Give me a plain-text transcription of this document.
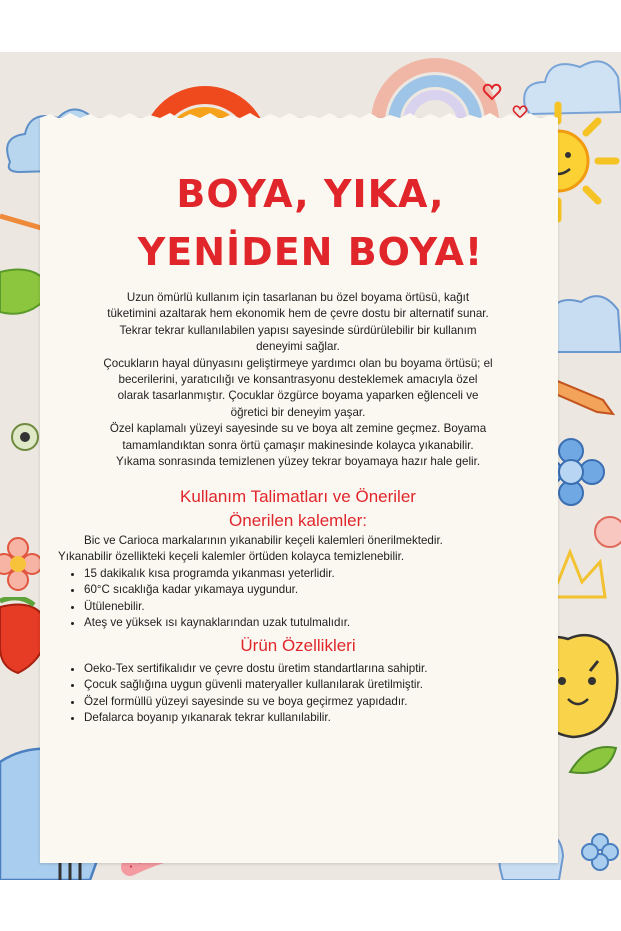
BOYA, YIKA,
YENİDEN BOYA!

Uzun ömürlü kullanım için tasarlanan bu özel boyama örtüsü, kağıt

tüketimini azaltarak hem ekonomik hem de çevre dostu bir alternatif sunar.

Tekrar tekrar kullanılabilen yapısı sayesinde sürdürülebilir bir kullanım

deneyimi sağlar.

Çocukların hayal dünyasını geliştirmeye yardımcı olan bu boyama örtüsü; el

becerilerini, yaratıcılığı ve konsantrasyonu desteklemek amacıyla özel

olarak tasarlanmıştır. Çocuklar özgürce boyama yaparken eğlenceli ve

öğretici bir deneyim yaşar.

Özel kaplamalı yüzeyi sayesinde su ve boya alt zemine geçmez. Boyama

tamamlandıktan sonra örtü çamaşır makinesinde kolayca yıkanabilir.

Yıkama sonrasında temizlenen yüzey tekrar boyamaya hazır hale gelir.

Kullanım Talimatları ve Öneriler
Önerilen kalemler:

Bic ve Carioca markalarının yıkanabilir keçeli kalemleri önerilmektedir.

Yıkanabilir özellikteki keçeli kalemler örtüden kolayca temizlenebilir.

• 15 dakikalık kısa programda yıkanması yeterlidir.
• 60°C sıcaklığa kadar yıkamaya uygundur.
• Ütülenebilir.
• Ateş ve yüksek ısı kaynaklarından uzak tutulmalıdır.
Ürün Özellikleri
• Oeko-Tex sertifikalıdır ve çevre dostu üretim standartlarına sahiptir.
• Çocuk sağlığına uygun güvenli materyaller kullanılarak üretilmiştir.
• Özel formüllü yüzeyi sayesinde su ve boya geçirmez yapıdadır.
• Defalarca boyanıp yıkanarak tekrar kullanılabilir.
